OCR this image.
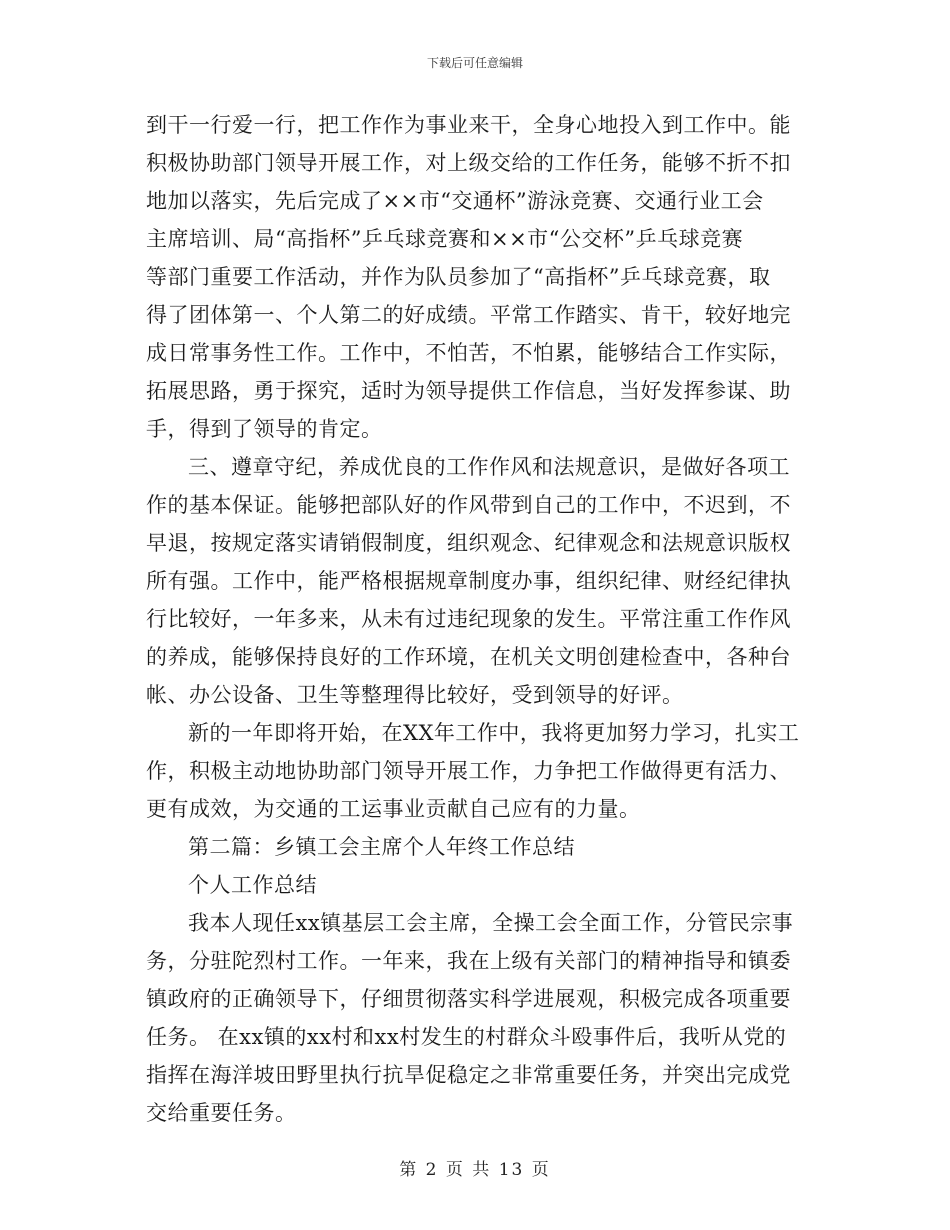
下载后可任意编辑
到干一行爱一行，把工作作为事业来干，全身心地投入到工作中。能
积极协助部门领导开展工作，对上级交给的工作任务，能够不折不扣
地加以落实，先后完成了××市“交通杯”游泳竞赛、交通行业工会
主席培训、局“高指杯”乒乓球竞赛和××市“公交杯”乒乓球竞赛
等部门重要工作活动，并作为队员参加了“高指杯”乒乓球竞赛，取
得了团体第一、个人第二的好成绩。平常工作踏实、肯干，较好地完
成日常事务性工作。工作中，不怕苦，不怕累，能够结合工作实际，
拓展思路，勇于探究，适时为领导提供工作信息，当好发挥参谋、助
手，得到了领导的肯定。
三、遵章守纪，养成优良的工作作风和法规意识，是做好各项工
作的基本保证。能够把部队好的作风带到自己的工作中，不迟到，不
早退，按规定落实请销假制度，组织观念、纪律观念和法规意识版权
所有强。工作中，能严格根据规章制度办事，组织纪律、财经纪律执
行比较好，一年多来，从未有过违纪现象的发生。平常注重工作作风
的养成，能够保持良好的工作环境，在机关文明创建检查中，各种台
帐、办公设备、卫生等整理得比较好，受到领导的好评。
新的一年即将开始，在XX年工作中，我将更加努力学习，扎实工
作，积极主动地协助部门领导开展工作，力争把工作做得更有活力、
更有成效，为交通的工运事业贡献自己应有的力量。
第二篇：乡镇工会主席个人年终工作总结
个人工作总结
我本人现任xx镇基层工会主席，全操工会全面工作，分管民宗事
务，分驻陀烈村工作。一年来，我在上级有关部门的精神指导和镇委
镇政府的正确领导下，仔细贯彻落实科学进展观，积极完成各项重要
任务。 在xx镇的xx村和xx村发生的村群众斗殴事件后，我听从党的
指挥在海洋坡田野里执行抗旱促稳定之非常重要任务，并突出完成党
交给重要任务。
第 2 页 共 13 页
